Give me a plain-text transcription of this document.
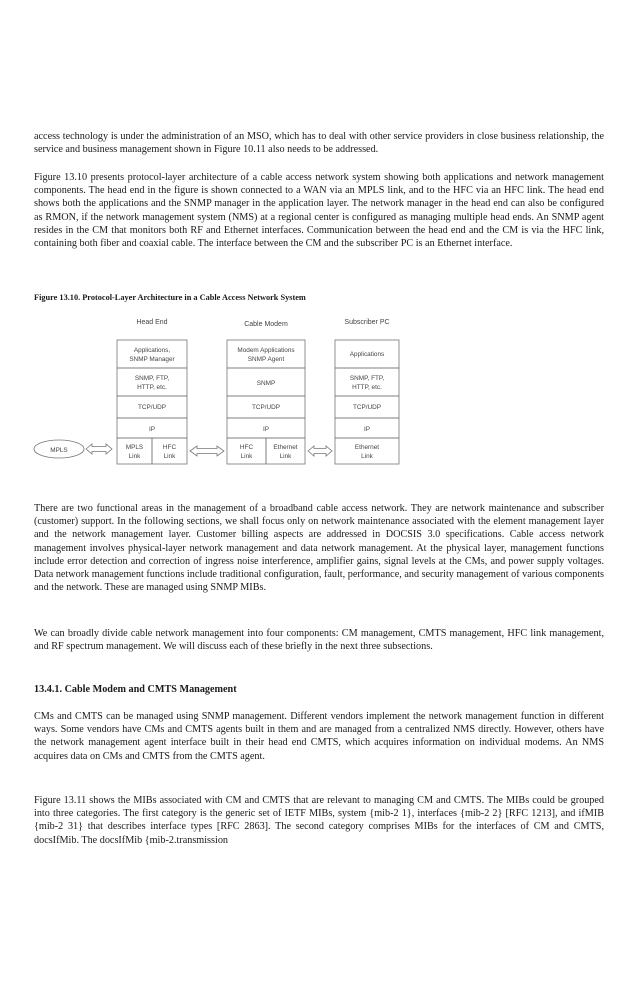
access technology is under the administration of an MSO, which has to deal with other service providers in close business relationship, the service and business management shown in Figure 10.11 also needs to be addressed.

Figure 13.10 presents protocol-layer architecture of a cable access network system showing both applications and network management components. The head end in the figure is shown connected to a WAN via an MPLS link, and to the HFC via an HFC link. The head end shows both the applications and the SNMP manager in the application layer. The network manager in the head end can also be configured as RMON, if the network management system (NMS) at a regional center is configured as managing multiple head ends. An SNMP agent resides in the CM that monitors both RF and Ethernet interfaces. Communication between the head end and the CM is via the HFC link, containing both fiber and coaxial cable. The interface between the CM and the subscriber PC is an Ethernet interface.

Figure 13.10. Protocol-Layer Architecture in a Cable Access Network System

Head End	Cable Modem	Subscriber PC
Applications,
SNMP Manager
SNMP, FTP,
HTTP, etc.
TCP/UDP
IP
MPLS
Link
HFC
Link
Modem Applications
SNMP Agent
SNMP
TCP/UDP
IP
HFC
Link
Ethernet
Link
Applications
SNMP, FTP,
HTTP, etc.
TCP/UDP
IP
Ethernet
Link
MPLS

There are two functional areas in the management of a broadband cable access network. They are network maintenance and subscriber (customer) support. In the following sections, we shall focus only on network maintenance associated with the element management layer and the network management layer. Customer billing aspects are addressed in DOCSIS 3.0 specifications. Cable access network management involves physical-layer network management and data network management. At the physical layer, management functions include error detection and correction of ingress noise interference, amplifier gains, signal levels at the CMs, and power supply voltages. Data network management functions include traditional configuration, fault, performance, and security management of various components and the network. These are managed using SNMP MIBs.

We can broadly divide cable network management into four components: CM management, CMTS management, HFC link management, and RF spectrum management. We will discuss each of these briefly in the next three subsections.

13.4.1. Cable Modem and CMTS Management

CMs and CMTS can be managed using SNMP management. Different vendors implement the network management function in different ways. Some vendors have CMs and CMTS agents built in them and are managed from a centralized NMS directly. However, others have the network management agent interface built in their head end CMTS, which acquires information on individual modems. An NMS acquires data on CMs and CMTS from the CMTS agent.

Figure 13.11 shows the MIBs associated with CM and CMTS that are relevant to managing CM and CMTS. The MIBs could be grouped into three categories. The first category is the generic set of IETF MIBs, system {mib-2 1}, interfaces {mib-2 2} [RFC 1213], and ifMIB {mib-2 31} that describes interface types [RFC 2863]. The second category comprises MIBs for the interfaces of CM and CMTS, docsIfMib. The docsIfMib {mib-2.transmission
